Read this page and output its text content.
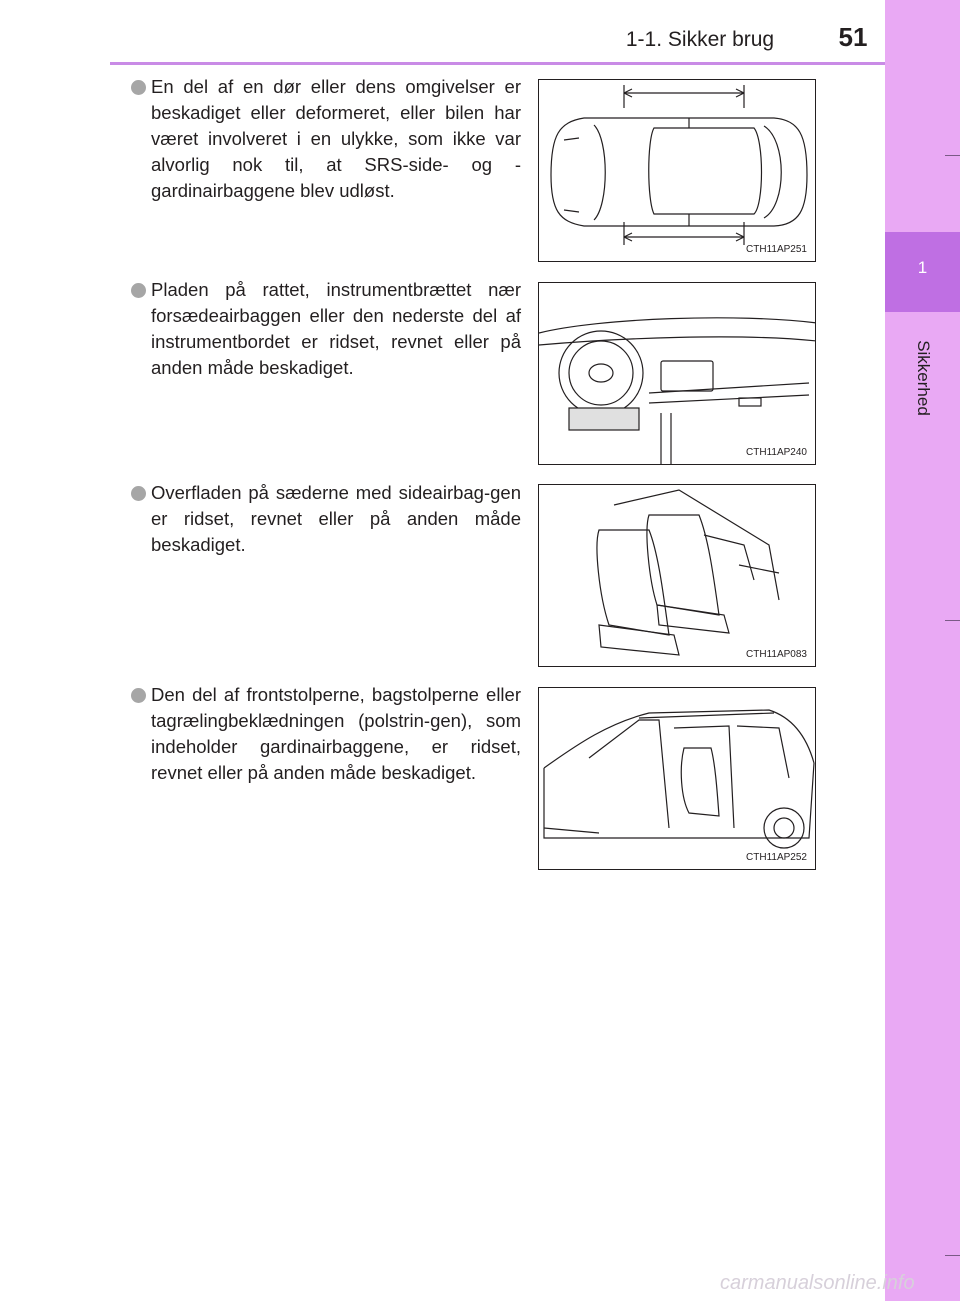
1-1. Sikker brug	51
1
Sikkerhed
En del af en dør eller dens omgivelser er beskadiget eller deformeret, eller bilen har været involveret i en ulykke, som ikke var alvorlig nok til, at SRS-side- og -gardinairbaggene blev udløst.
CTH11AP251
Pladen på rattet, instrumentbrættet nær forsædeairbaggen eller den nederste del af instrumentbordet er ridset, revnet eller på anden måde beskadiget.
CTH11AP240
Overfladen på sæderne med sideairbag-gen er ridset, revnet eller på anden måde beskadiget.
CTH11AP083
Den del af frontstolperne, bagstolperne eller tagrælingbeklædningen (polstrin-gen), som indeholder gardinairbaggene, er ridset, revnet eller på anden måde beskadiget.
CTH11AP252
carmanualsonline.info
